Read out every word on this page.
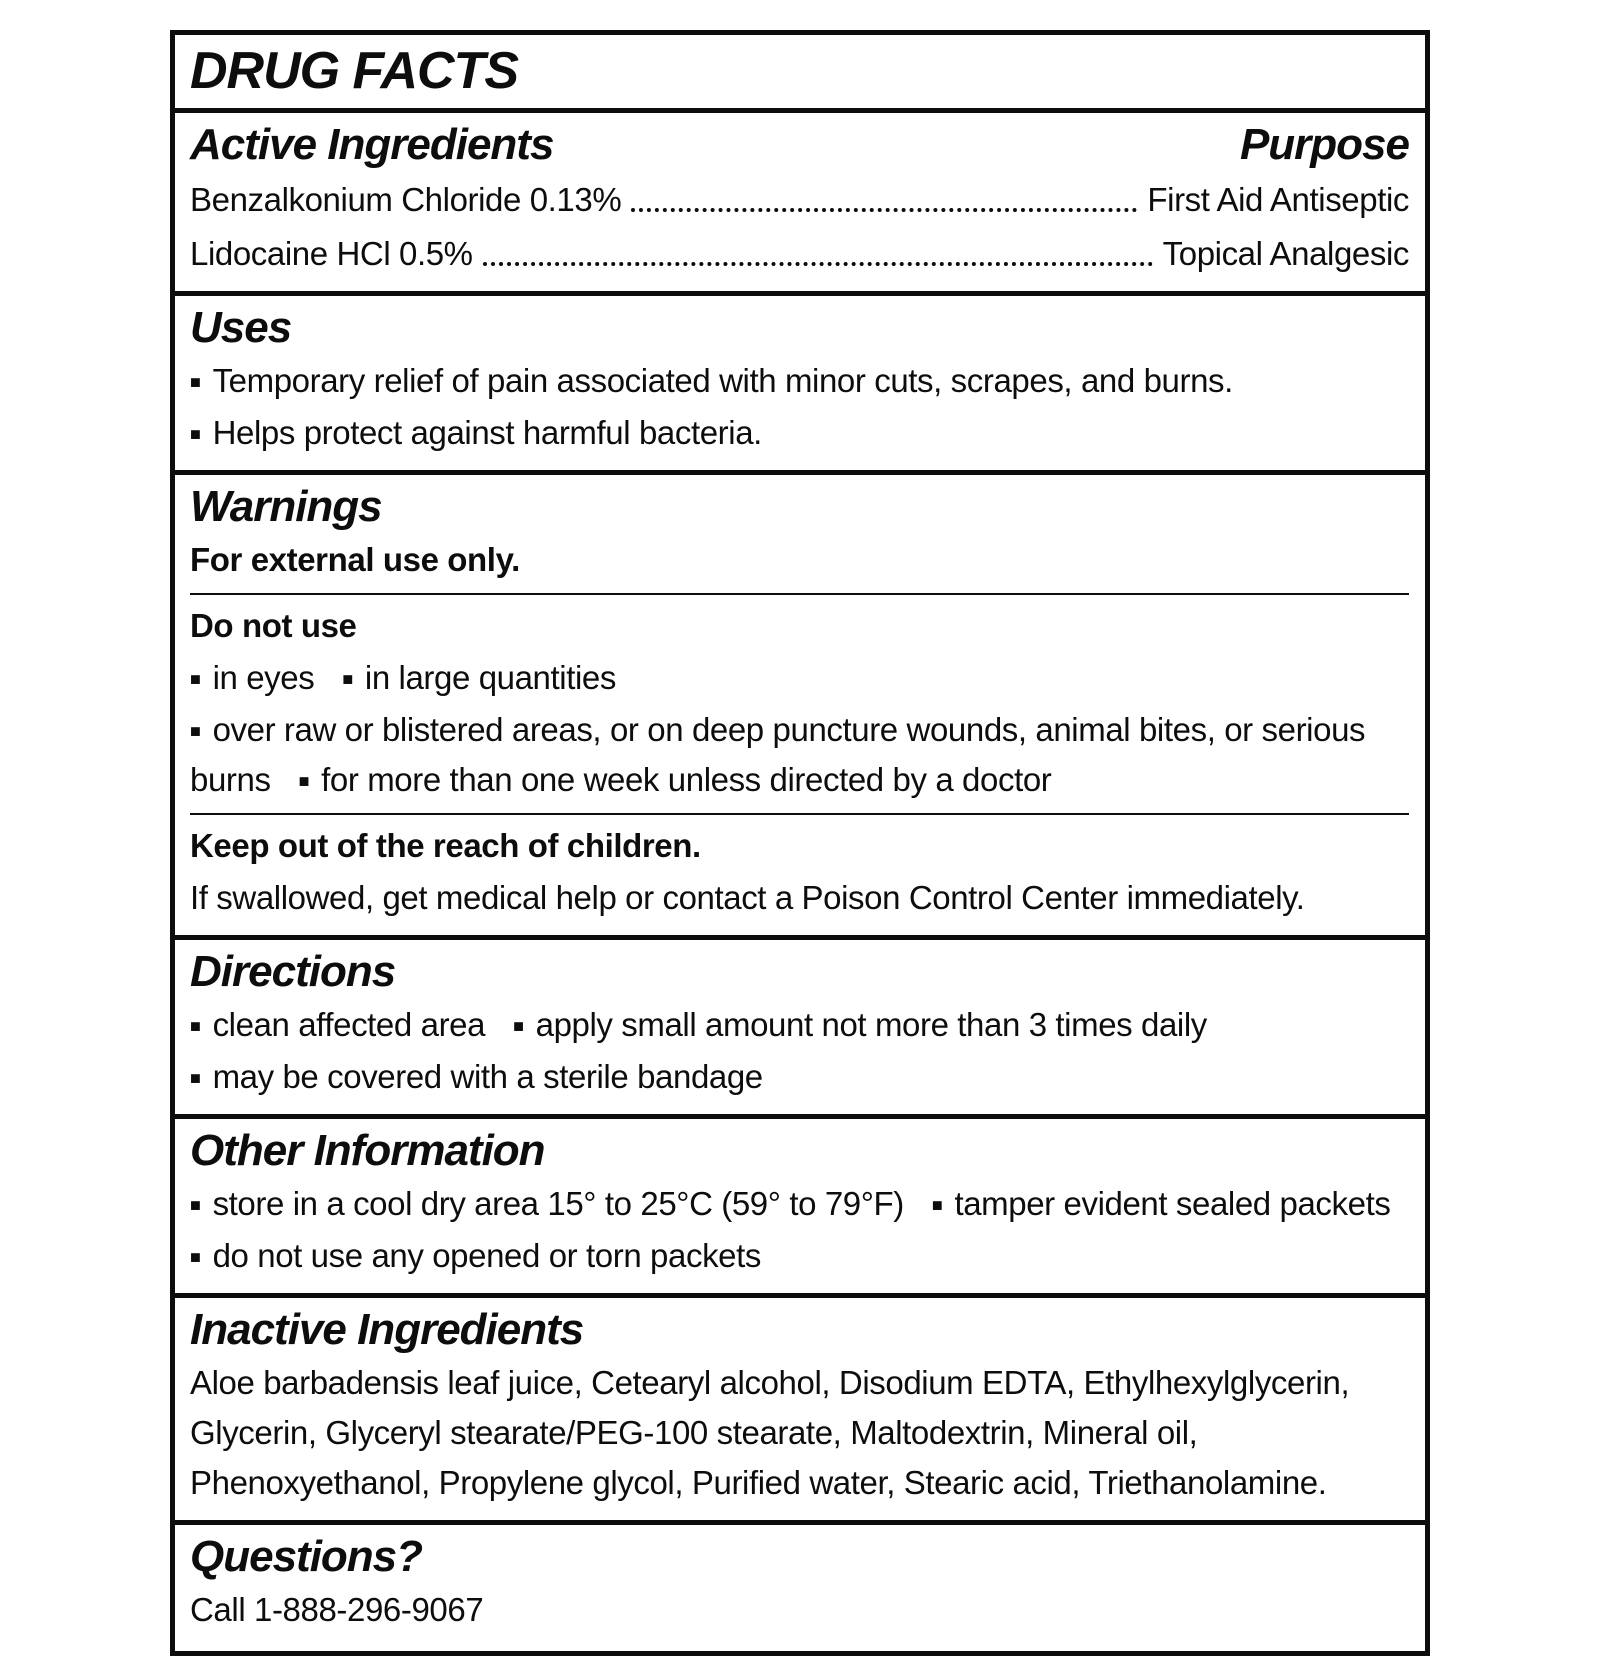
DRUG FACTS
Active Ingredients	Purpose
Benzalkonium Chloride 0.13%	First Aid Antiseptic
Lidocaine HCl 0.5%	Topical Analgesic
Uses

■ Temporary relief of pain associated with minor cuts, scrapes, and burns.

■ Helps protect against harmful bacteria.

Warnings

For external use only.

Do not use

■ in eyes ■ in large quantities

■ over raw or blistered areas, or on deep puncture wounds, animal bites, or serious burns ■ for more than one week unless directed by a doctor

Keep out of the reach of children.

If swallowed, get medical help or contact a Poison Control Center immediately.

Directions

■ clean affected area ■ apply small amount not more than 3 times daily

■ may be covered with a sterile bandage

Other Information

■ store in a cool dry area 15° to 25°C (59° to 79°F) ■ tamper evident sealed packets

■ do not use any opened or torn packets

Inactive Ingredients

Aloe barbadensis leaf juice, Cetearyl alcohol, Disodium EDTA, Ethylhexylglycerin, Glycerin, Glyceryl stearate/PEG-100 stearate, Maltodextrin, Mineral oil, Phenoxyethanol, Propylene glycol, Purified water, Stearic acid, Triethanolamine.

Questions?

Call 1-888-296-9067
